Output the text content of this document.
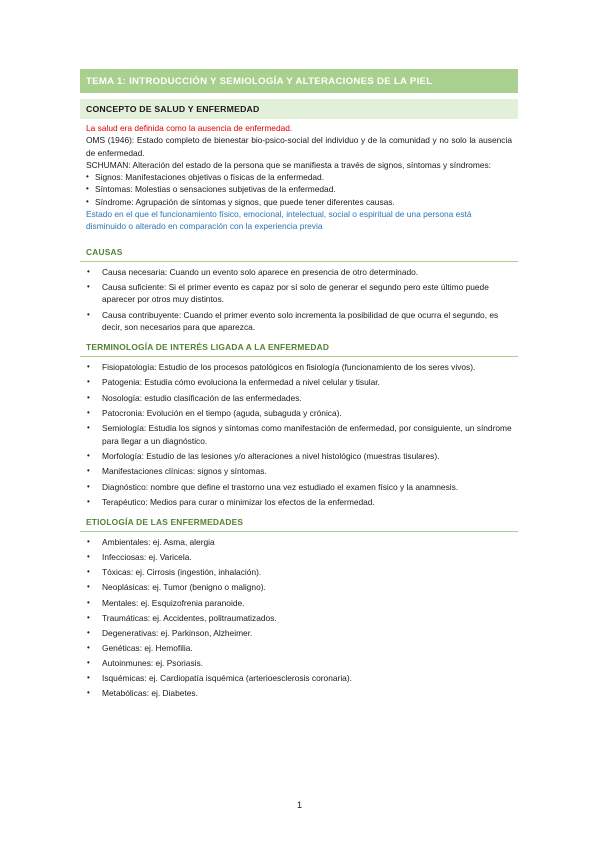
TEMA 1: INTRODUCCIÓN Y SEMIOLOGÍA Y ALTERACIONES DE LA PIEL
CONCEPTO DE SALUD Y ENFERMEDAD
La salud era definida como la ausencia de enfermedad.
OMS (1946): Estado completo de bienestar bio-psico-social del individuo y de la comunidad y no solo la ausencia de enfermedad.
SCHUMAN: Alteración del estado de la persona que se manifiesta a través de signos, síntomas y síndromes:
• Signos: Manifestaciones objetivas o físicas de la enfermedad.
• Síntomas: Molestias o sensaciones subjetivas de la enfermedad.
• Síndrome: Agrupación de síntomas y signos, que puede tener diferentes causas.
Estado en el que el funcionamiento físico, emocional, intelectual, social o espiritual de una persona está disminuido o alterado en comparación con la experiencia previa
CAUSAS
• Causa necesaria: Cuando un evento solo aparece en presencia de otro determinado.
• Causa suficiente: Si el primer evento es capaz por sí solo de generar el segundo pero este último puede aparecer por otros muy distintos.
• Causa contribuyente: Cuando el primer evento solo incrementa la posibilidad de que ocurra el segundo, es decir, son necesarios para que aparezca.
TERMINOLOGÍA DE INTERÉS LIGADA A LA ENFERMEDAD
• Fisiopatología: Estudio de los procesos patológicos en fisiología (funcionamiento de los seres vivos).
• Patogenia: Estudia cómo evoluciona la enfermedad a nivel celular y tisular.
• Nosología: estudio clasificación de las enfermedades.
• Patocronia: Evolución en el tiempo (aguda, subaguda y crónica).
• Semiología: Estudia los signos y síntomas como manifestación de enfermedad, por consiguiente, un síndrome para llegar a un diagnóstico.
• Morfología: Estudio de las lesiones y/o alteraciones a nivel histológico (muestras tisulares).
• Manifestaciones clínicas: signos y síntomas.
• Diagnóstico: nombre que define el trastorno una vez estudiado el examen físico y la anamnesis.
• Terapéutico: Medios para curar o minimizar los efectos de la enfermedad.
ETIOLOGÍA DE LAS ENFERMEDADES
• Ambientales: ej. Asma, alergia
• Infecciosas: ej. Varicela.
• Tóxicas: ej. Cirrosis (ingestión, inhalación).
• Neoplásicas: ej. Tumor (benigno o maligno).
• Mentales: ej. Esquizofrenia paranoide.
• Traumáticas: ej. Accidentes, politraumatizados.
• Degenerativas: ej. Parkinson, Alzheimer.
• Genéticas: ej. Hemofilia.
• Autoinmunes: ej. Psoriasis.
• Isquémicas: ej. Cardiopatía isquémica (arterioesclerosis coronaria).
• Metabólicas: ej. Diabetes.
1
